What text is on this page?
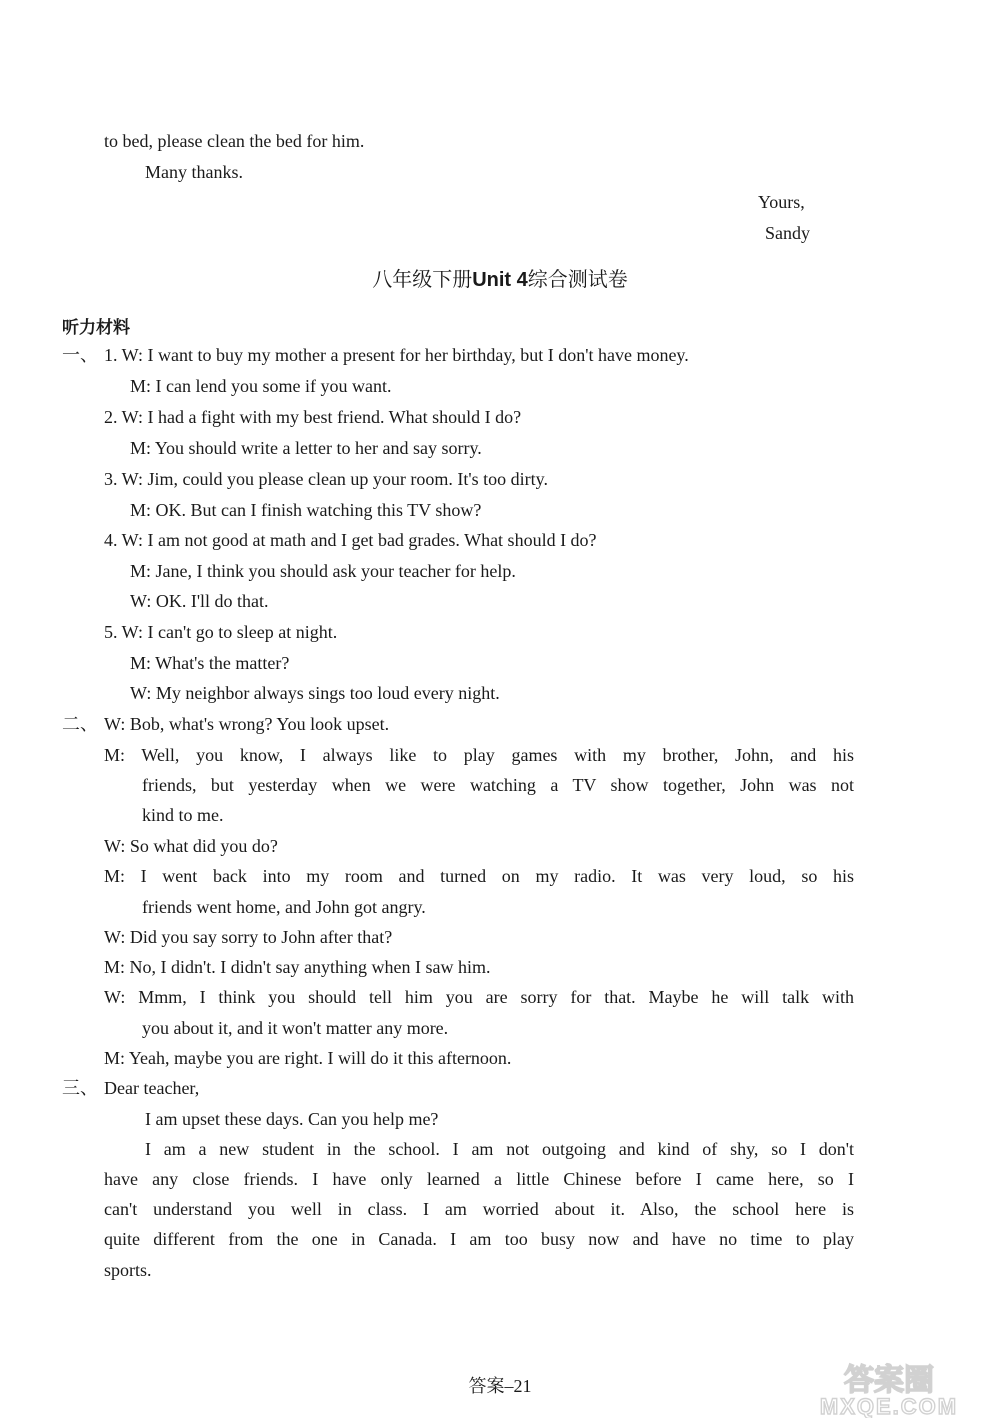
to bed, please clean the bed for him.
Many thanks.
Yours,
Sandy
八年级下册Unit 4综合测试卷
听力材料
一、 1. W: I want to buy my mother a present for her birthday, but I don't have money.
M: I can lend you some if you want.
2. W: I had a fight with my best friend. What should I do?
M: You should write a letter to her and say sorry.
3. W: Jim, could you please clean up your room. It's too dirty.
M: OK. But can I finish watching this TV show?
4. W: I am not good at math and I get bad grades. What should I do?
M: Jane, I think you should ask your teacher for help.
W: OK. I'll do that.
5. W: I can't go to sleep at night.
M: What's the matter?
W: My neighbor always sings too loud every night.
二、 W: Bob, what's wrong? You look upset.
M: Well, you know, I always like to play games with my brother, John, and his
friends, but yesterday when we were watching a TV show together, John was not
kind to me.
W: So what did you do?
M: I went back into my room and turned on my radio. It was very loud, so his
friends went home, and John got angry.
W: Did you say sorry to John after that?
M: No, I didn't. I didn't say anything when I saw him.
W: Mmm, I think you should tell him you are sorry for that. Maybe he will talk with
you about it, and it won't matter any more.
M: Yeah, maybe you are right. I will do it this afternoon.
三、 Dear teacher,
I am upset these days. Can you help me?
I am a new student in the school. I am not outgoing and kind of shy, so I don't
have any close friends. I have only learned a little Chinese before I came here, so I
can't understand you well in class. I am worried about it. Also, the school here is
quite different from the one in Canada. I am too busy now and have no time to play
sports.
答案–21	答案圈
MXQE.COM
